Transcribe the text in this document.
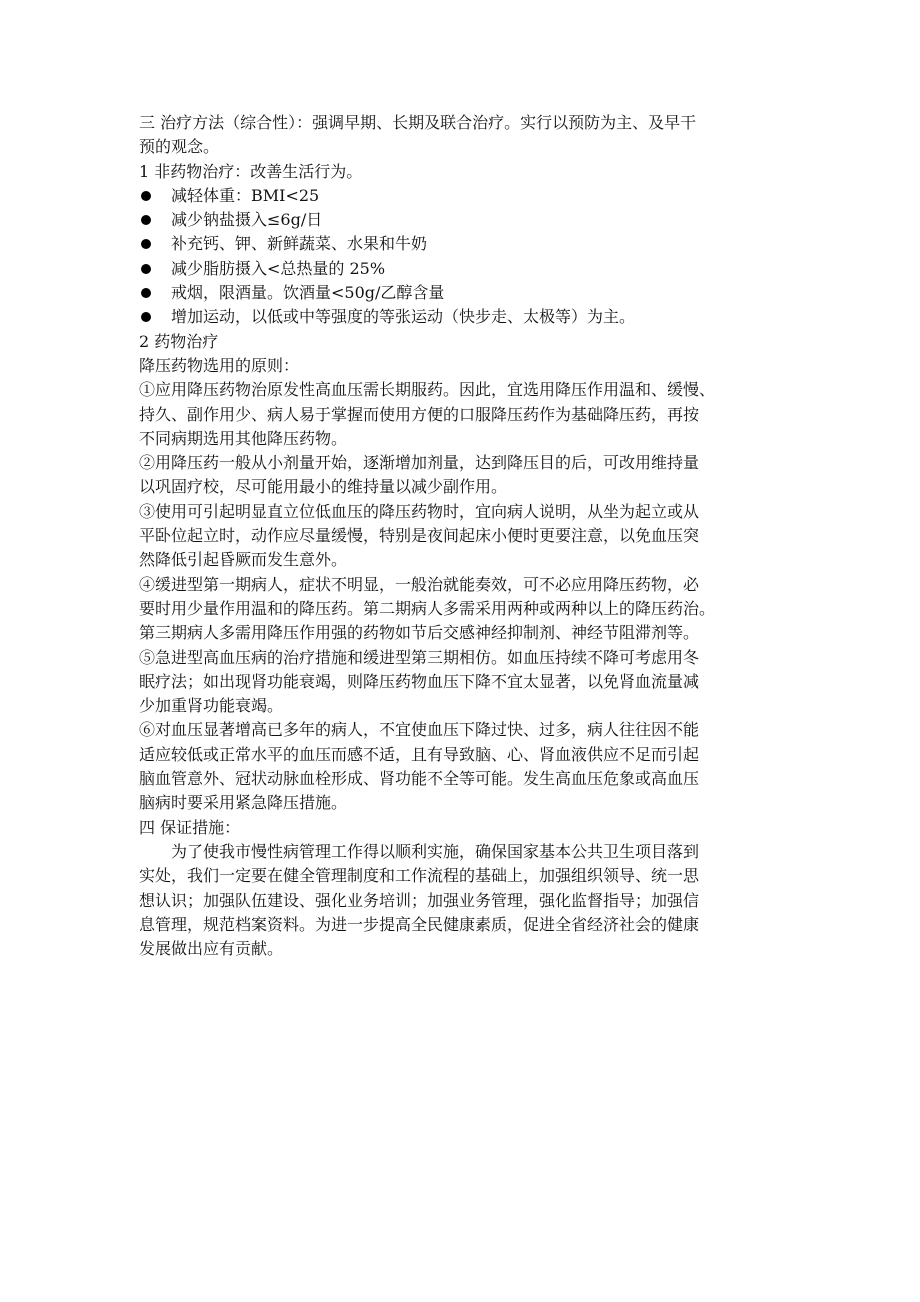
三 治疗方法（综合性）：强调早期、长期及联合治疗。实行以预防为主、及早干
预的观念。
1 非药物治疗：改善生活行为。
减轻体重：BMI<25
减少钠盐摄入≤6g/日
补充钙、钾、新鲜蔬菜、水果和牛奶
减少脂肪摄入<总热量的 25%
戒烟，限酒量。饮酒量<50g/乙醇含量
增加运动，以低或中等强度的等张运动（快步走、太极等）为主。
2 药物治疗
降压药物选用的原则：
①应用降压药物治原发性高血压需长期服药。因此，宜选用降压作用温和、缓慢、
持久、副作用少、病人易于掌握而使用方便的口服降压药作为基础降压药，再按
不同病期选用其他降压药物。
②用降压药一般从小剂量开始，逐渐增加剂量，达到降压目的后，可改用维持量
以巩固疗校，尽可能用最小的维持量以减少副作用。
③使用可引起明显直立位低血压的降压药物时，宜向病人说明，从坐为起立或从
平卧位起立时，动作应尽量缓慢，特别是夜间起床小便时更要注意，以免血压突
然降低引起昏厥而发生意外。
④缓进型第一期病人，症状不明显，一般治就能奏效，可不必应用降压药物，必
要时用少量作用温和的降压药。第二期病人多需采用两种或两种以上的降压药治。
第三期病人多需用降压作用强的药物如节后交感神经抑制剂、神经节阻滞剂等。
⑤急进型高血压病的治疗措施和缓进型第三期相仿。如血压持续不降可考虑用冬
眠疗法；如出现肾功能衰竭，则降压药物血压下降不宜太显著，以免肾血流量减
少加重肾功能衰竭。
⑥对血压显著增高已多年的病人，不宜使血压下降过快、过多，病人往往因不能
适应较低或正常水平的血压而感不适，且有导致脑、心、肾血液供应不足而引起
脑血管意外、冠状动脉血栓形成、肾功能不全等可能。发生高血压危象或高血压
脑病时要采用紧急降压措施。
四 保证措施：
为了使我市慢性病管理工作得以顺利实施，确保国家基本公共卫生项目落到
实处，我们一定要在健全管理制度和工作流程的基础上，加强组织领导、统一思
想认识；加强队伍建设、强化业务培训；加强业务管理，强化监督指导；加强信
息管理，规范档案资料。为进一步提高全民健康素质，促进全省经济社会的健康
发展做出应有贡献。
